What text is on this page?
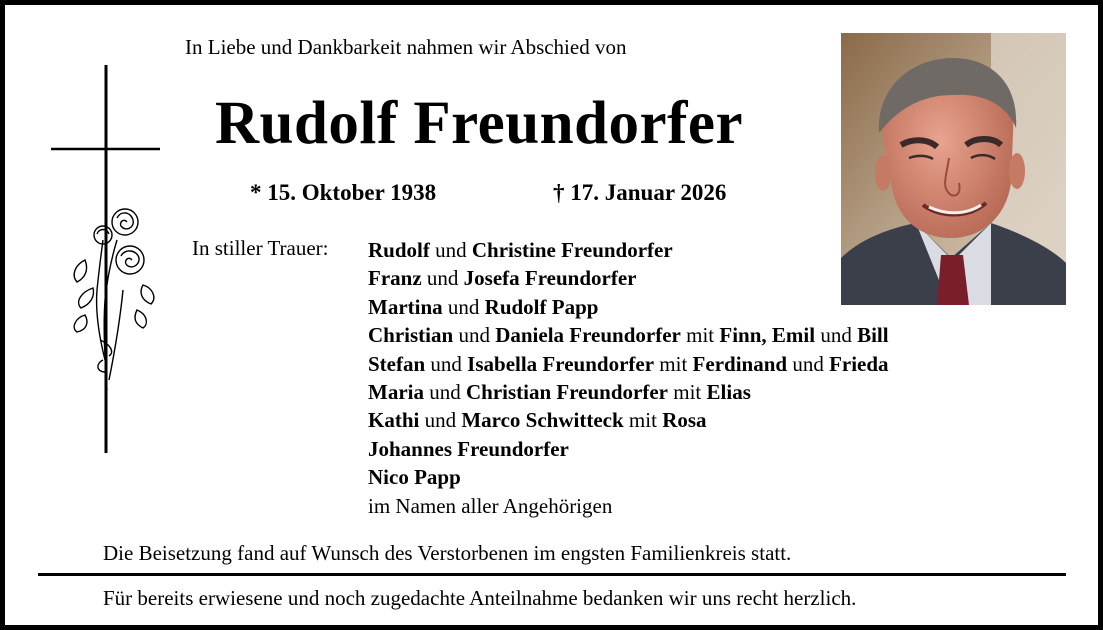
In Liebe und Dankbarkeit nahmen wir Abschied von
Rudolf Freundorfer
* 15. Oktober 1938	† 17. Januar 2026
In stiller Trauer: Rudolf und Christine Freundorfer
Franz und Josefa Freundorfer
Martina und Rudolf Papp
Christian und Daniela Freundorfer mit Finn, Emil und Bill
Stefan und Isabella Freundorfer mit Ferdinand und Frieda
Maria und Christian Freundorfer mit Elias
Kathi und Marco Schwitteck mit Rosa
Johannes Freundorfer
Nico Papp
im Namen aller Angehörigen
Die Beisetzung fand auf Wunsch des Verstorbenen im engsten Familienkreis statt.
Für bereits erwiesene und noch zugedachte Anteilnahme bedanken wir uns recht herzlich.
